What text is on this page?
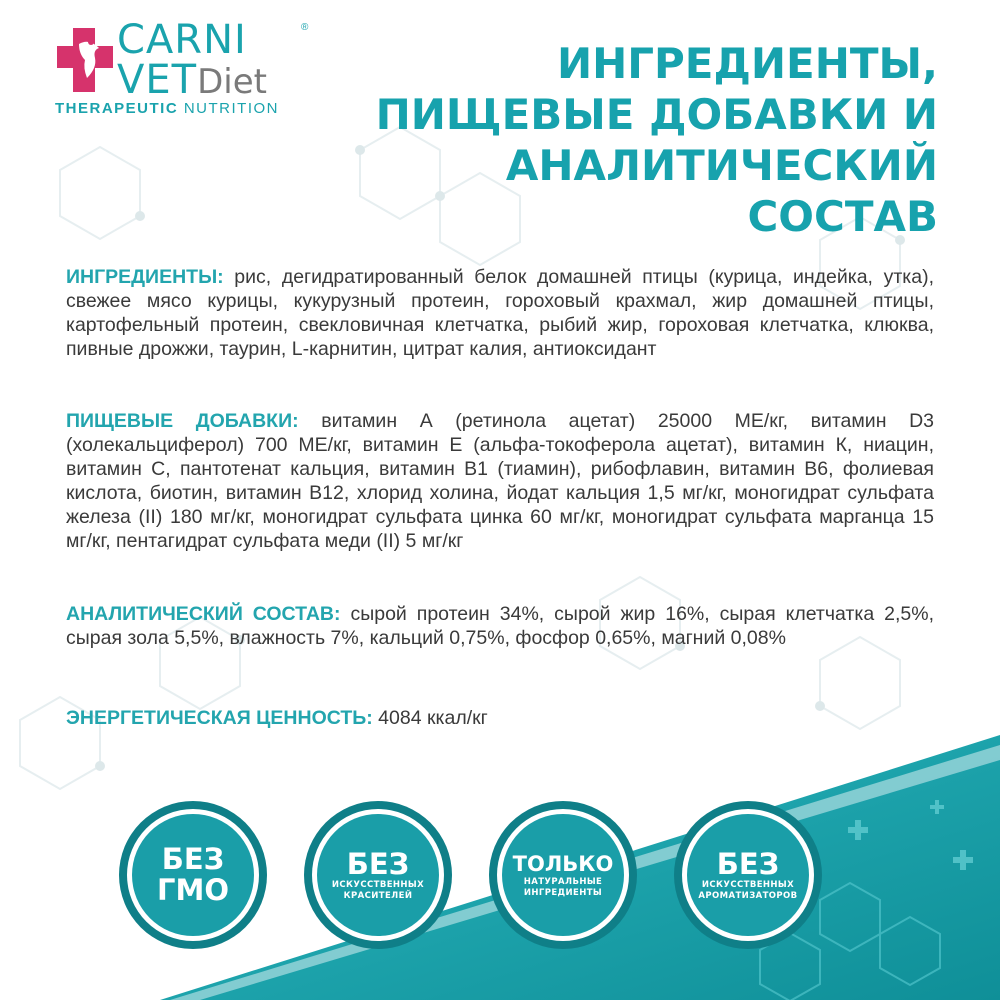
CARNI
VETDiet
®
THERAPEUTIC NUTRITION
ИНГРЕДИЕНТЫ,
ПИЩЕВЫЕ ДОБАВКИ И
АНАЛИТИЧЕСКИЙ СОСТАВ
ИНГРЕДИЕНТЫ: рис, дегидратированный белок домашней птицы (курица, индейка, утка), свежее мясо курицы, кукурузный протеин, гороховый крахмал, жир домашней птицы, картофельный протеин, свекловичная клетчатка, рыбий жир, гороховая клетчатка, клюква, пивные дрожжи, таурин, L-карнитин, цитрат калия, антиоксидант
ПИЩЕВЫЕ ДОБАВКИ: витамин А (ретинола ацетат) 25000 МЕ/кг, витамин D3 (холекальциферол) 700 МЕ/кг, витамин Е (альфа-токоферола ацетат), витамин К, ниацин, витамин С, пантотенат кальция, витамин В1 (тиамин), рибофлавин, витамин В6, фолиевая кислота, биотин, витамин В12, хлорид холина, йодат кальция 1,5 мг/кг, моногидрат сульфата железа (II) 180 мг/кг, моногидрат сульфата цинка 60 мг/кг, моногидрат сульфата марганца 15 мг/кг, пентагидрат сульфата меди (II) 5 мг/кг
АНАЛИТИЧЕСКИЙ СОСТАВ: сырой протеин 34%, сырой жир 16%, сырая клетчатка 2,5%, сырая зола 5,5%, влажность 7%, кальций 0,75%, фосфор 0,65%, магний 0,08%
ЭНЕРГЕТИЧЕСКАЯ ЦЕННОСТЬ: 4084 ккал/кг
БЕЗ
ГМО
БЕЗ
ИСКУССТВЕННЫХ
КРАСИТЕЛЕЙ
ТОЛЬКО
НАТУРАЛЬНЫЕ
ИНГРЕДИЕНТЫ
БЕЗ
ИСКУССТВЕННЫХ
АРОМАТИЗАТОРОВ
